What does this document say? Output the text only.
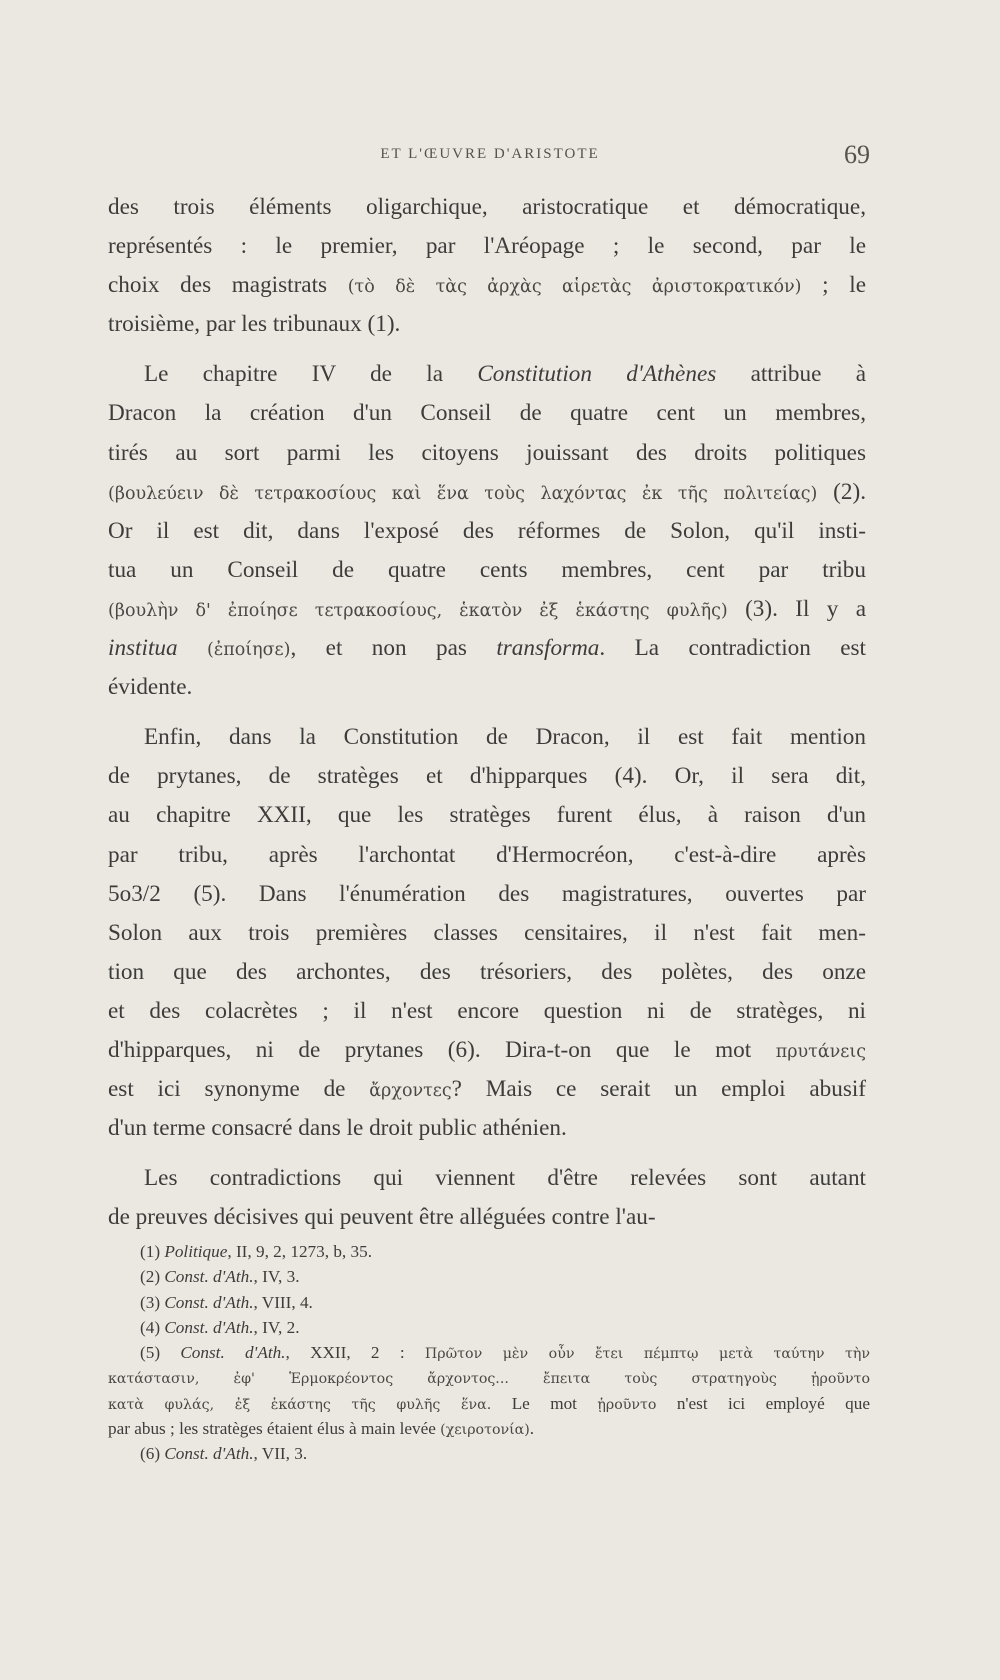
ET L'ŒUVRE D'ARISTOTE	69
des trois éléments oligarchique, aristocratique et démocratique,
représentés : le premier, par l'Aréopage ; le second, par le
choix des magistrats (τὸ δὲ τὰς ἀρχὰς αἱρετὰς ἀριστοκρατικόν) ; le
troisième, par les tribunaux (1).
Le chapitre IV de la Constitution d'Athènes attribue à
Dracon la création d'un Conseil de quatre cent un membres,
tirés au sort parmi les citoyens jouissant des droits politiques
(βουλεύειν δὲ τετρακοσίους καὶ ἕνα τοὺς λαχόντας ἐκ τῆς πολιτείας) (2).
Or il est dit, dans l'exposé des réformes de Solon, qu'il insti-
tua un Conseil de quatre cents membres, cent par tribu
(βουλὴν δ' ἐποίησε τετρακοσίους, ἑκατὸν ἐξ ἑκάστης φυλῆς) (3). Il y a
institua (ἐποίησε), et non pas transforma. La contradiction est
évidente.
Enfin, dans la Constitution de Dracon, il est fait mention
de prytanes, de stratèges et d'hipparques (4). Or, il sera dit,
au chapitre XXII, que les stratèges furent élus, à raison d'un
par tribu, après l'archontat d'Hermocréon, c'est-à-dire après
5o3/2 (5). Dans l'énumération des magistratures, ouvertes par
Solon aux trois premières classes censitaires, il n'est fait men-
tion que des archontes, des trésoriers, des polètes, des onze
et des colacrètes ; il n'est encore question ni de stratèges, ni
d'hipparques, ni de prytanes (6). Dira-t-on que le mot πρυτάνεις
est ici synonyme de ἄρχοντες? Mais ce serait un emploi abusif
d'un terme consacré dans le droit public athénien.
Les contradictions qui viennent d'être relevées sont autant
de preuves décisives qui peuvent être alléguées contre l'au-
(1) Politique, II, 9, 2, 1273, b, 35.
(2) Const. d'Ath., IV, 3.
(3) Const. d'Ath., VIII, 4.
(4) Const. d'Ath., IV, 2.
(5) Const. d'Ath., XXII, 2 : Πρῶτον μὲν οὖν ἔτει πέμπτῳ μετὰ ταύτην τὴν
κατάστασιν, ἐφ' Ἑρμοκρέοντος ἄρχοντος... ἔπειτα τοὺς στρατηγοὺς ᾑροῦντο
κατὰ φυλάς, ἐξ ἑκάστης τῆς φυλῆς ἕνα. Le mot ᾑροῦντο n'est ici employé que
par abus ; les stratèges étaient élus à main levée (χειροτονία).
(6) Const. d'Ath., VII, 3.
